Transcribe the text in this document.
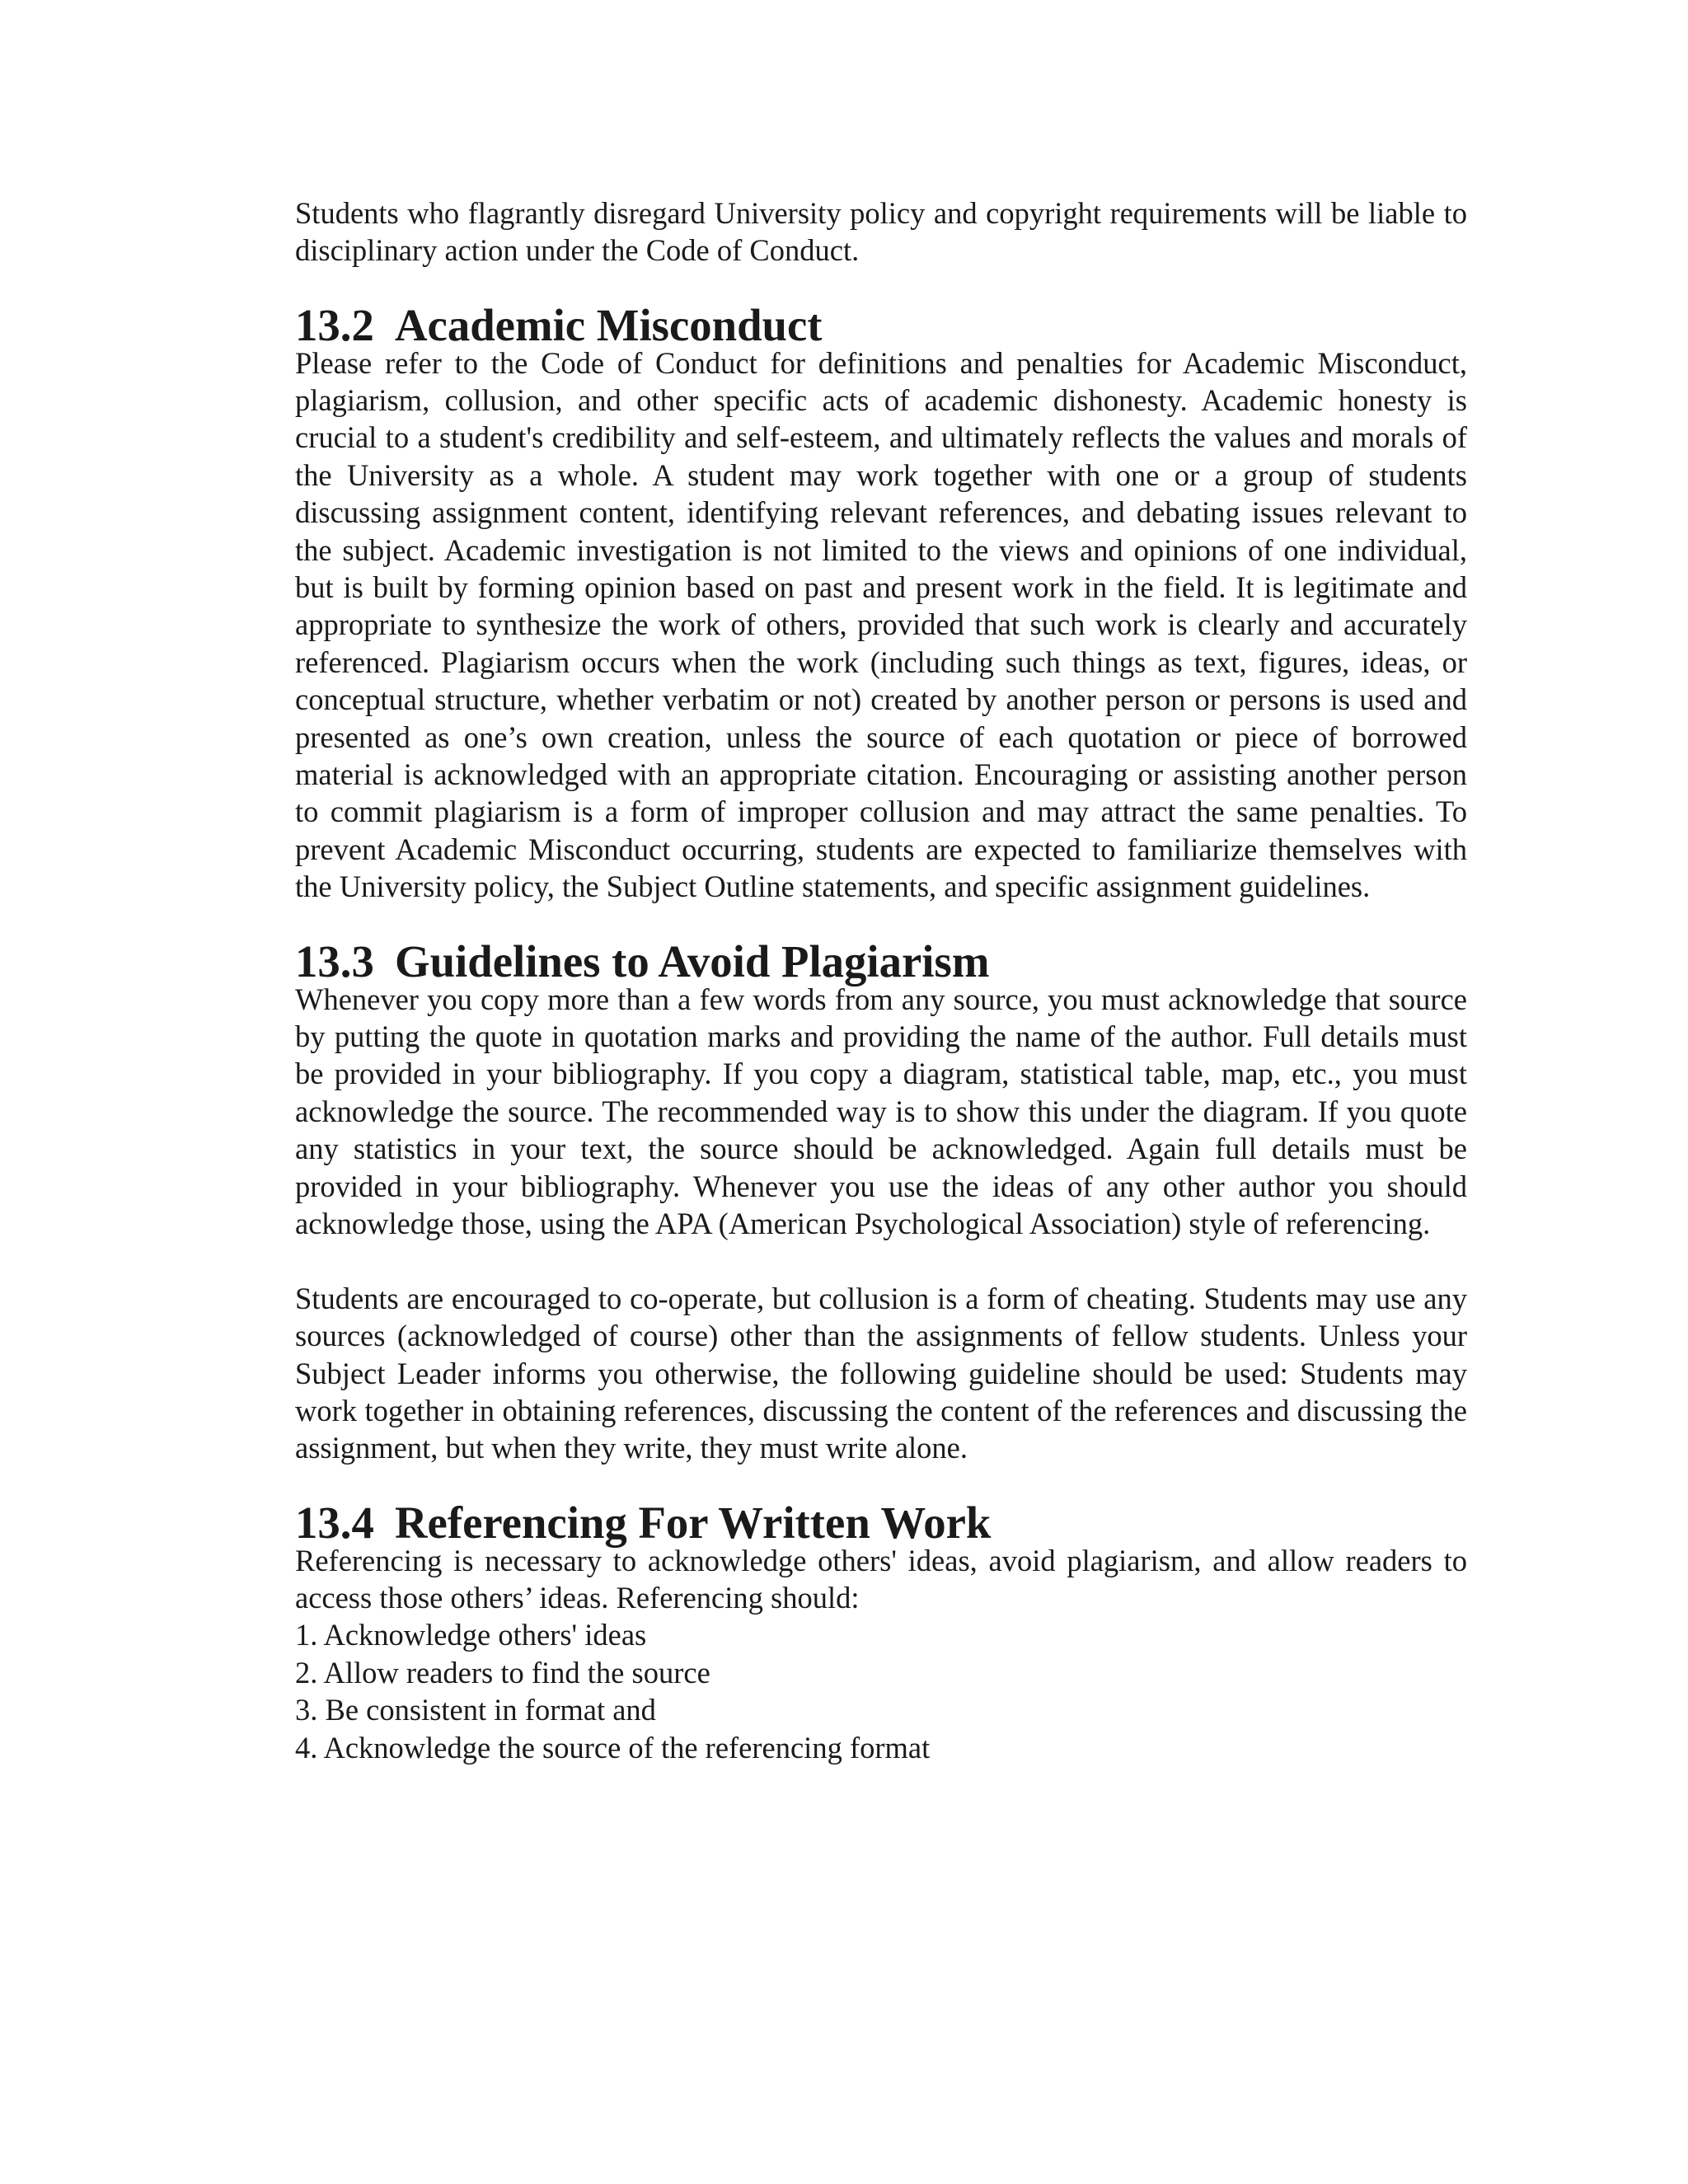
Students who flagrantly disregard University policy and copyright requirements will be liable to disciplinary action under the Code of Conduct.

13.2 Academic Misconduct

Please refer to the Code of Conduct for definitions and penalties for Academic Misconduct, plagiarism, collusion, and other specific acts of academic dishonesty. Academic honesty is crucial to a student's credibility and self-esteem, and ultimately reflects the values and morals of the University as a whole. A student may work together with one or a group of students discussing assignment content, identifying relevant references, and debating issues relevant to the subject. Academic investigation is not limited to the views and opinions of one individual, but is built by forming opinion based on past and present work in the field. It is legitimate and appropriate to synthesize the work of others, provided that such work is clearly and accurately referenced. Plagiarism occurs when the work (including such things as text, figures, ideas, or conceptual structure, whether verbatim or not) created by another person or persons is used and presented as one’s own creation, unless the source of each quotation or piece of borrowed material is acknowledged with an appropriate citation. Encouraging or assisting another person to commit plagiarism is a form of improper collusion and may attract the same penalties. To prevent Academic Misconduct occurring, students are expected to familiarize themselves with the University policy, the Subject Outline statements, and specific assignment guidelines.

13.3 Guidelines to Avoid Plagiarism

Whenever you copy more than a few words from any source, you must acknowledge that source by putting the quote in quotation marks and providing the name of the author. Full details must be provided in your bibliography. If you copy a diagram, statistical table, map, etc., you must acknowledge the source. The recommended way is to show this under the diagram. If you quote any statistics in your text, the source should be acknowledged. Again full details must be provided in your bibliography. Whenever you use the ideas of any other author you should acknowledge those, using the APA (American Psychological Association) style of referencing.

Students are encouraged to co-operate, but collusion is a form of cheating. Students may use any sources (acknowledged of course) other than the assignments of fellow students. Unless your Subject Leader informs you otherwise, the following guideline should be used: Students may work together in obtaining references, discussing the content of the references and discussing the assignment, but when they write, they must write alone.

13.4 Referencing For Written Work

Referencing is necessary to acknowledge others' ideas, avoid plagiarism, and allow readers to access those others’ ideas. Referencing should:

1. Acknowledge others' ideas
2. Allow readers to find the source
3. Be consistent in format and
4. Acknowledge the source of the referencing format
